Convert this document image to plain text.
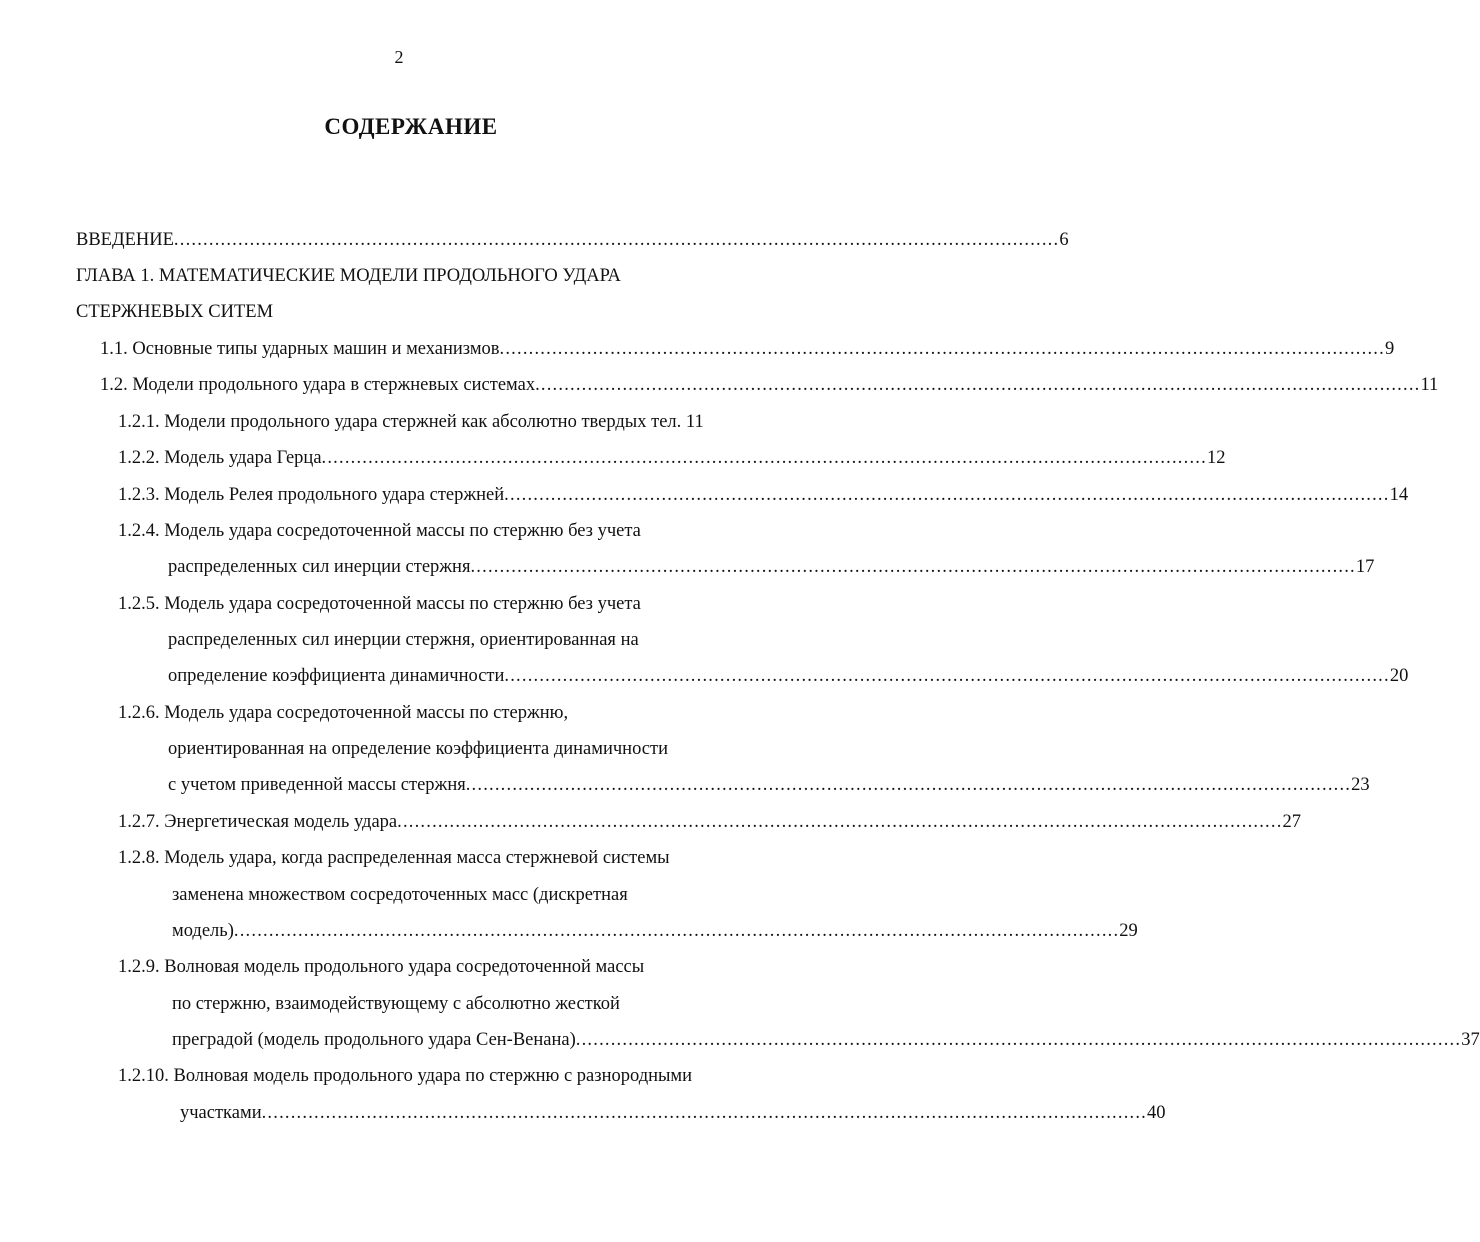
2
СОДЕРЖАНИЕ
ВВЕДЕНИЕ ........................................................................................................................................................ 6
ГЛАВА 1. МАТЕМАТИЧЕСКИЕ МОДЕЛИ ПРОДОЛЬНОГО УДАРА
СТЕРЖНЕВЫХ СИТЕМ
1.1. Основные типы ударных машин и механизмов ........................................................................................................................................................ 9
1.2. Модели продольного удара в стержневых системах ........................................................................................................................................................ 11
1.2.1. Модели продольного удара стержней как абсолютно твердых тел. 11
1.2.2. Модель удара Герца ........................................................................................................................................................ 12
1.2.3. Модель Релея продольного удара стержней ........................................................................................................................................................ 14
1.2.4. Модель удара сосредоточенной массы по стержню без учета
распределенных сил инерции стержня ........................................................................................................................................................ 17
1.2.5. Модель удара сосредоточенной массы по стержню без учета
распределенных сил инерции стержня, ориентированная на
определение коэффициента динамичности ........................................................................................................................................................ 20
1.2.6. Модель удара сосредоточенной массы по стержню,
ориентированная на определение коэффициента динамичности
с учетом приведенной массы стержня ........................................................................................................................................................ 23
1.2.7. Энергетическая модель удара ........................................................................................................................................................ 27
1.2.8. Модель удара, когда распределенная масса стержневой системы
заменена множеством сосредоточенных масс (дискретная
модель) ........................................................................................................................................................ 29
1.2.9. Волновая модель продольного удара сосредоточенной массы
по стержню, взаимодействующему с абсолютно жесткой
преградой (модель продольного удара Сен-Венана) ........................................................................................................................................................ 37
1.2.10. Волновая модель продольного удара по стержню с разнородными
участками ........................................................................................................................................................ 40
